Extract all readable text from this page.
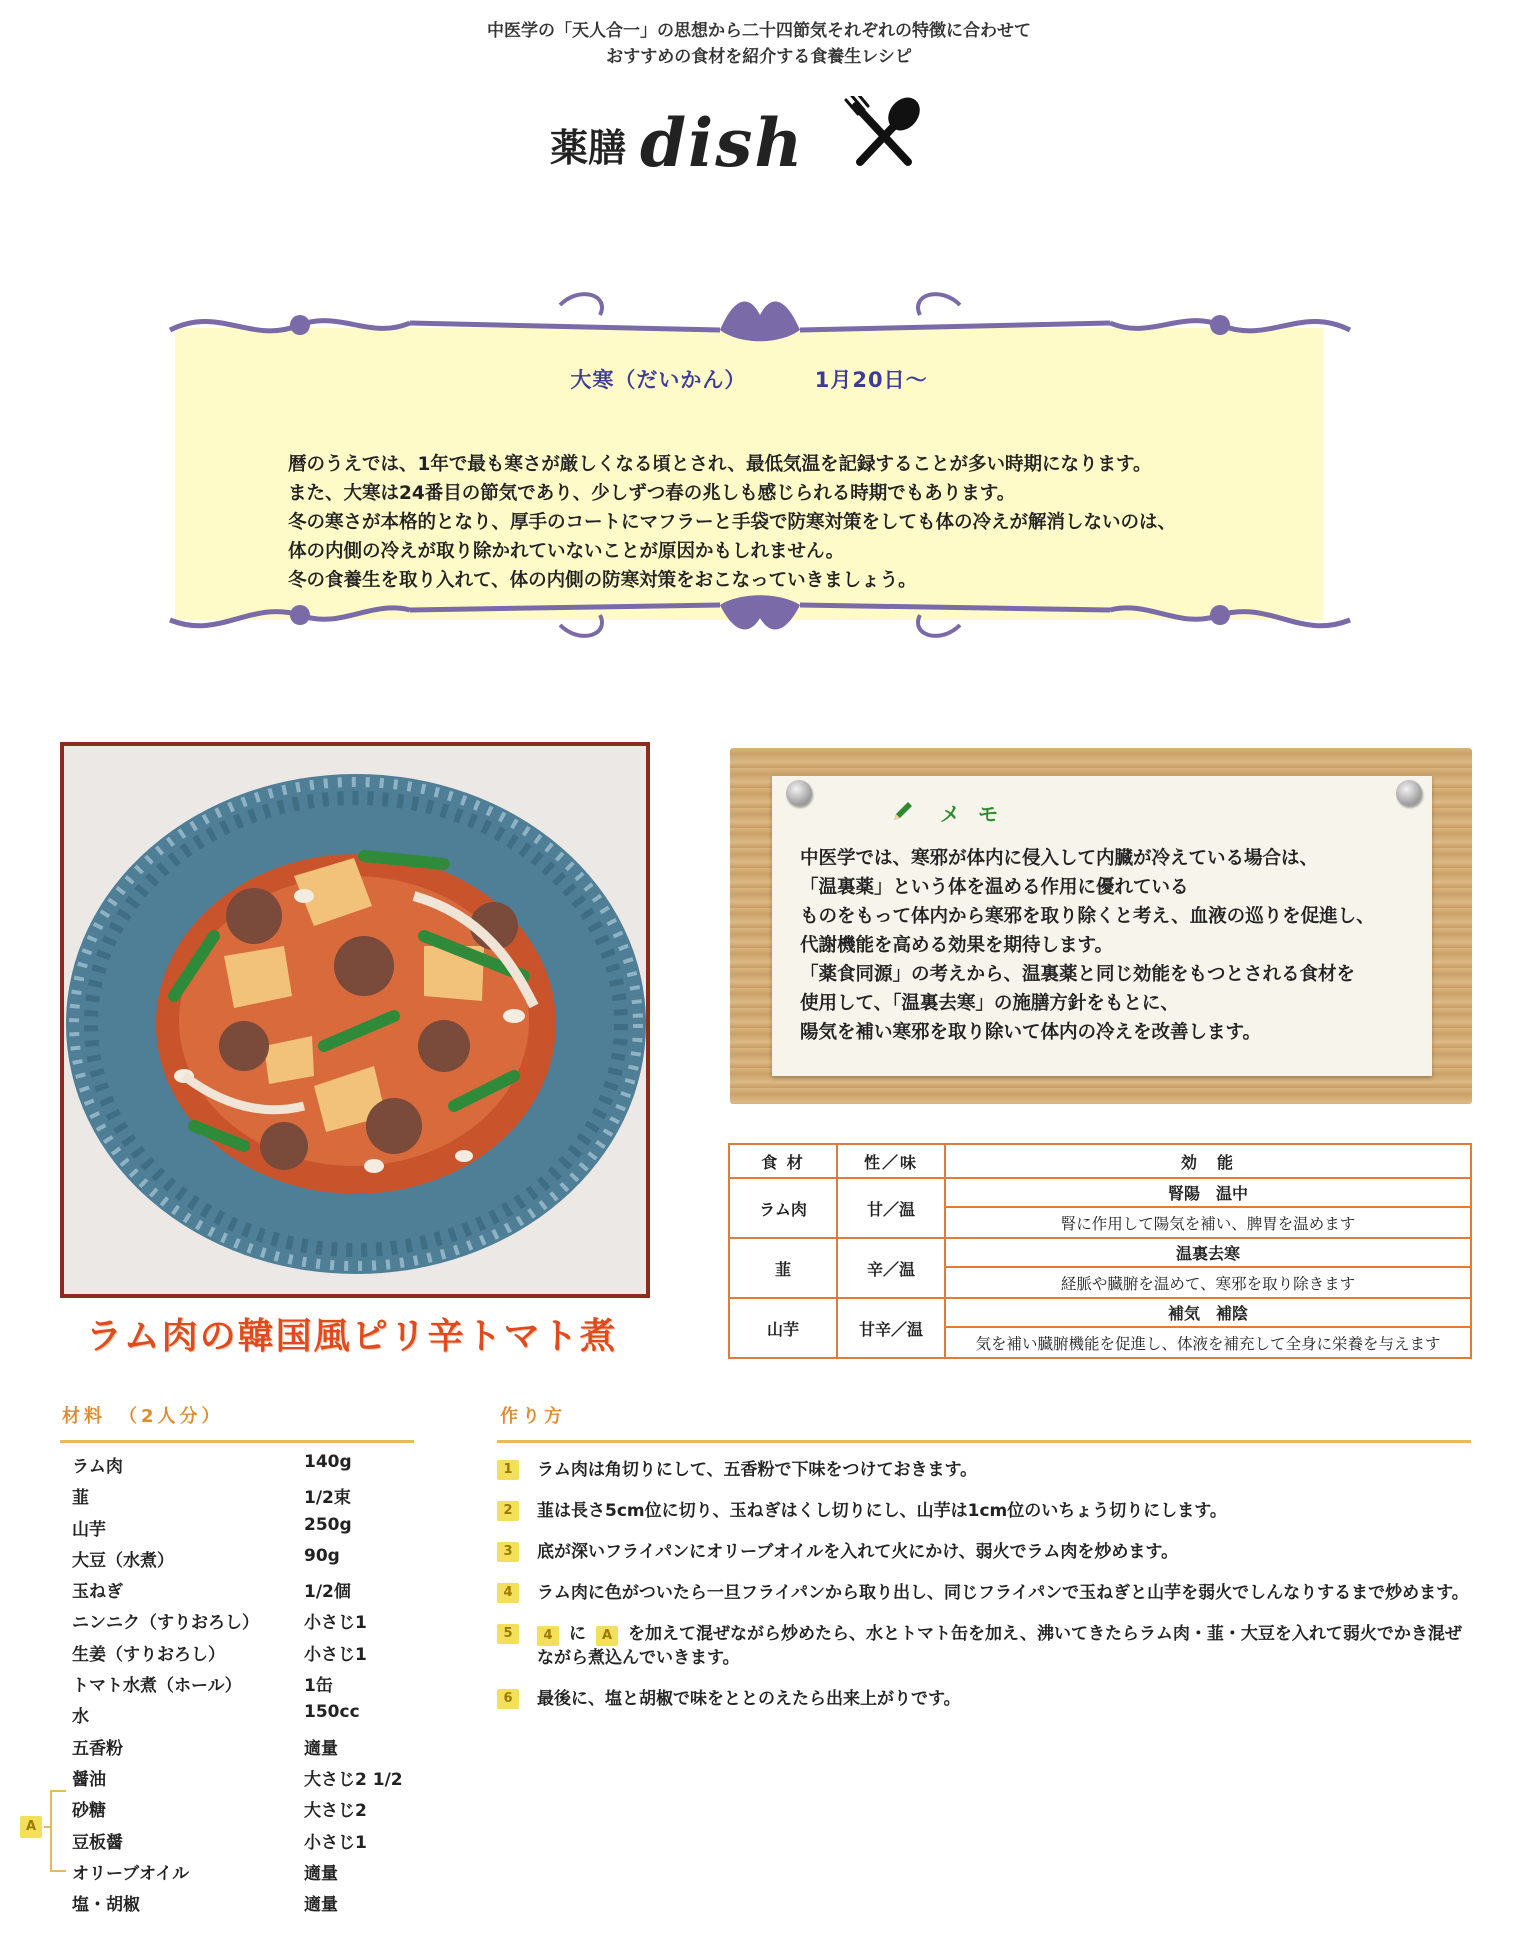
中医学の「天人合一」の思想から二十四節気それぞれの特徴に合わせて
おすすめの食材を紹介する食養生レシピ
薬膳 dish
大寒（だいかん）	1月20日～
暦のうえでは、1年で最も寒さが厳しくなる頃とされ、最低気温を記録することが多い時期になります。
また、大寒は24番目の節気であり、少しずつ春の兆しも感じられる時期でもあります。
冬の寒さが本格的となり、厚手のコートにマフラーと手袋で防寒対策をしても体の冷えが解消しないのは、
体の内側の冷えが取り除かれていないことが原因かもしれません。
冬の食養生を取り入れて、体の内側の防寒対策をおこなっていきましょう。
ラム肉の韓国風ピリ辛トマト煮
メモ
中医学では、寒邪が体内に侵入して内臓が冷えている場合は、
「温裏薬」という体を温める作用に優れている
ものをもって体内から寒邪を取り除くと考え、血液の巡りを促進し、
代謝機能を高める効果を期待します。
「薬食同源」の考えから、温裏薬と同じ効能をもつとされる食材を
使用して、「温裏去寒」の施膳方針をもとに、
陽気を補い寒邪を取り除いて体内の冷えを改善します。
食 材	性／味	効　能
ラム肉	甘／温	腎陽　温中
		腎に作用して陽気を補い、脾胃を温めます
韮	辛／温	温裏去寒
		経脈や臓腑を温めて、寒邪を取り除きます
山芋	甘辛／温	補気　補陰
		気を補い臓腑機能を促進し、体液を補充して全身に栄養を与えます
材料　（2人分）
ラム肉	140g
韮	1/2束
山芋	250g
大豆（水煮）	90g
玉ねぎ	1/2個
ニンニク（すりおろし）	小さじ1
生姜（すりおろし）	小さじ1
トマト水煮（ホール）	1缶
水	150cc
五香粉	適量
醤油	大さじ2 1/2
砂糖	大さじ2
豆板醤	小さじ1
オリーブオイル	適量
塩・胡椒	適量
A
作り方
1	ラム肉は角切りにして、五香粉で下味をつけておきます。
2	韮は長さ5cm位に切り、玉ねぎはくし切りにし、山芋は1cm位のいちょう切りにします。
3	底が深いフライパンにオリーブオイルを入れて火にかけ、弱火でラム肉を炒めます。
4	ラム肉に色がついたら一旦フライパンから取り出し、同じフライパンで玉ねぎと山芋を弱火でしんなりするまで炒めます。
5	4 に A を加えて混ぜながら炒めたら、水とトマト缶を加え、沸いてきたらラム肉・韮・大豆を入れて弱火でかき混ぜながら煮込んでいきます。
6	最後に、塩と胡椒で味をととのえたら出来上がりです。
